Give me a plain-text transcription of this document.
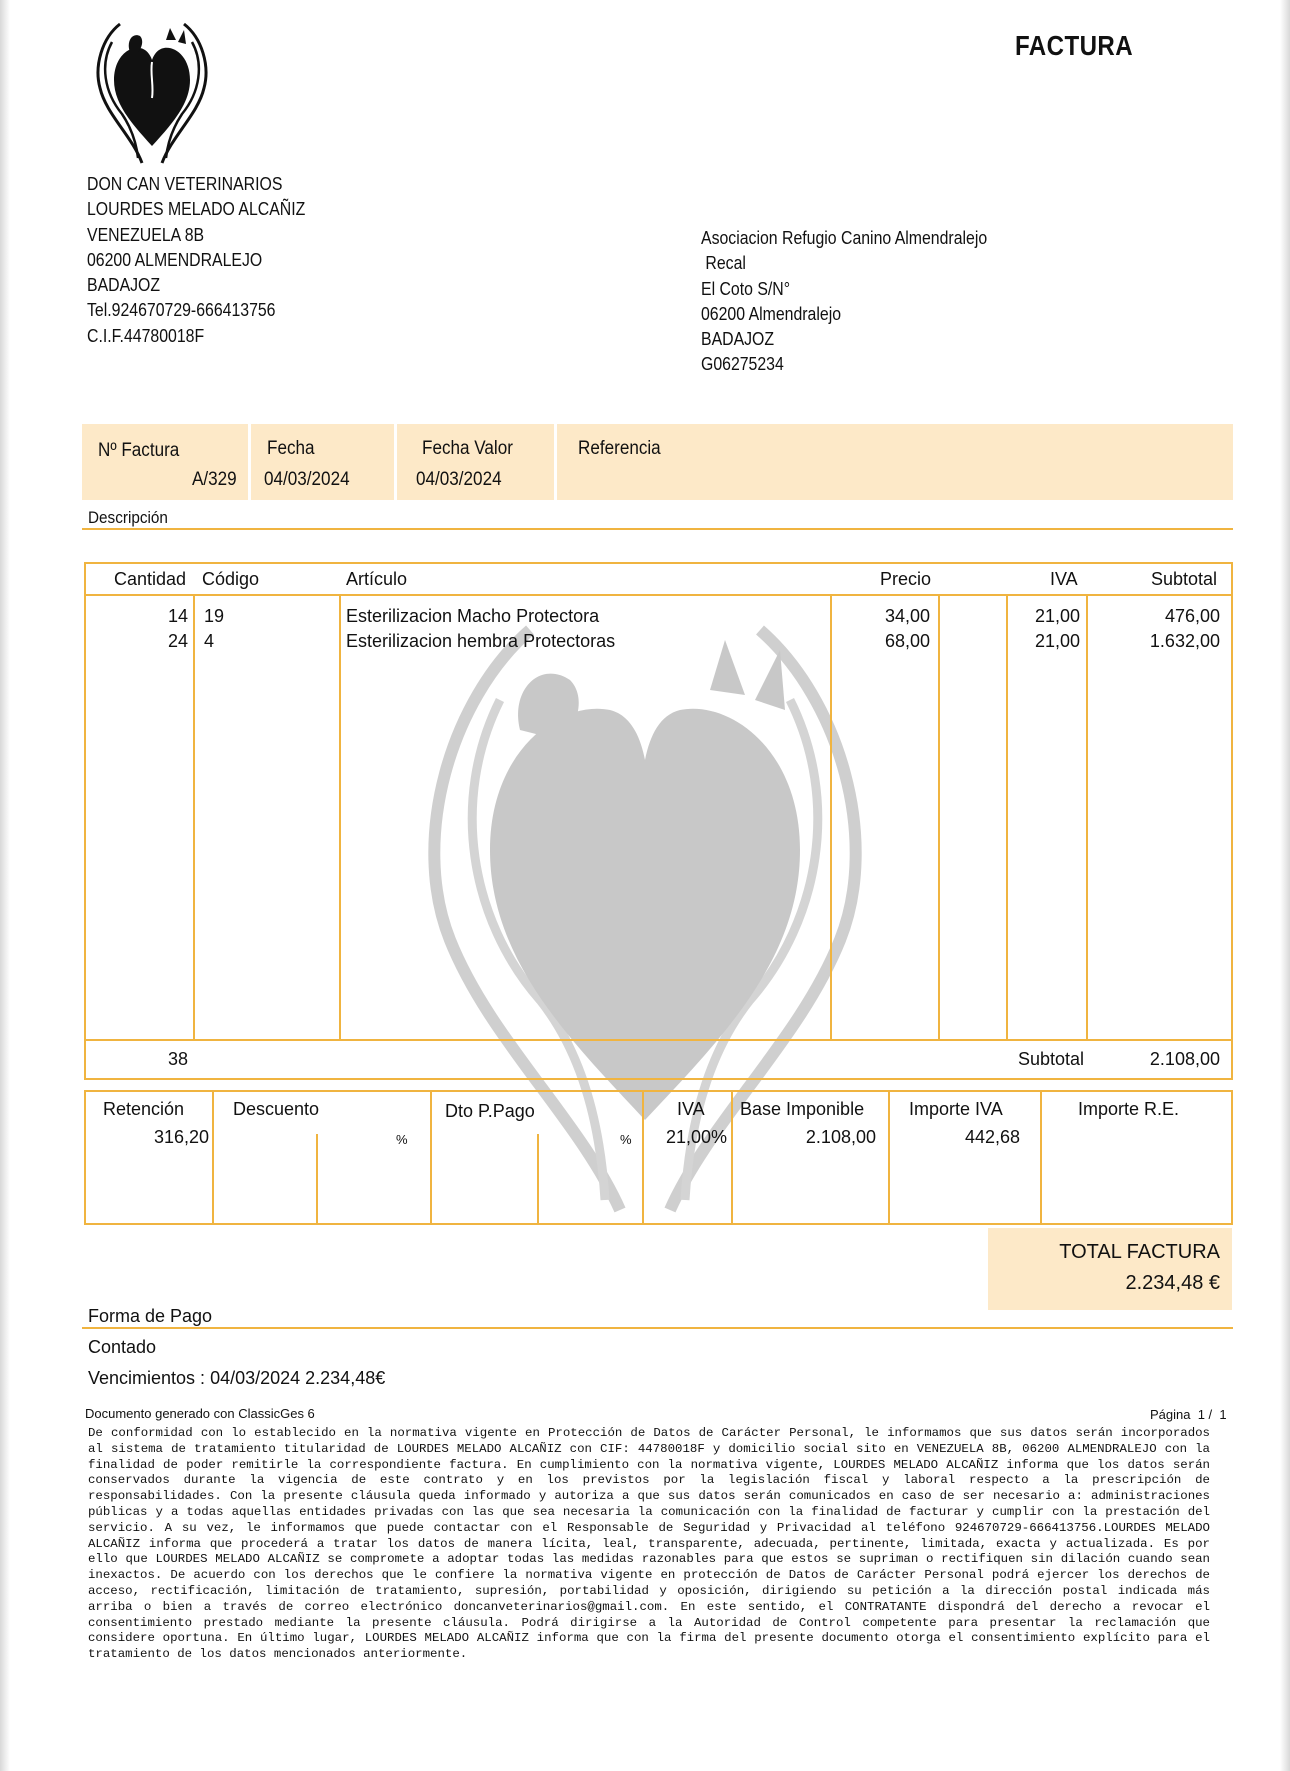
FACTURA
DON CAN VETERINARIOS
LOURDES MELADO ALCAÑIZ
VENEZUELA 8B
06200 ALMENDRALEJO
BADAJOZ
Tel.924670729-666413756
C.I.F.44780018F
Asociacion Refugio Canino Almendralejo
Recal
El Coto S/N°
06200 Almendralejo
BADAJOZ
G06275234
Nº Factura
A/329
Fecha
04/03/2024
Fecha Valor
04/03/2024
Referencia
Descripción
Cantidad Código	Artículo	Precio	IVA	Subtotal
14 19	Esterilizacion Macho Protectora	34,00	21,00	476,00
24 4	Esterilizacion hembra Protectoras	68,00	21,00	1.632,00
38	Subtotal	2.108,00
Retención
316,20
Descuento
%
Dto P.Pago
%
IVA
21,00%
Base Imponible
2.108,00
Importe IVA
442,68
Importe R.E.
TOTAL FACTURA
2.234,48 €
Forma de Pago
Contado
Vencimientos : 04/03/2024 2.234,48€
Documento generado con ClassicGes 6	Página  1 /  1
De conformidad con lo establecido en la normativa vigente en Protección de Datos de Carácter Personal, le informamos que sus datos serán incorporados al sistema de tratamiento titularidad de LOURDES MELADO ALCAÑIZ con CIF: 44780018F y domicilio social sito en VENEZUELA 8B, 06200 ALMENDRALEJO con la finalidad de poder remitirle la correspondiente factura. En cumplimiento con la normativa vigente, LOURDES MELADO ALCAÑIZ informa que los datos serán conservados durante la vigencia de este contrato y en los previstos por la legislación fiscal y laboral respecto a la prescripción de responsabilidades. Con la presente cláusula queda informado y autoriza a que sus datos serán comunicados en caso de ser necesario a: administraciones públicas y a todas aquellas entidades privadas con las que sea necesaria la comunicación con la finalidad de facturar y cumplir con la prestación del servicio. A su vez, le informamos que puede contactar con el Responsable de Seguridad y Privacidad al teléfono 924670729-666413756.LOURDES MELADO ALCAÑIZ informa que procederá a tratar los datos de manera lícita, leal, transparente, adecuada, pertinente, limitada, exacta y actualizada. Es por ello que LOURDES MELADO ALCAÑIZ se compromete a adoptar todas las medidas razonables para que estos se supriman o rectifiquen sin dilación cuando sean inexactos. De acuerdo con los derechos que le confiere la normativa vigente en protección de Datos de Carácter Personal podrá ejercer los derechos de acceso, rectificación, limitación de tratamiento, supresión, portabilidad y oposición, dirigiendo su petición a la dirección postal indicada más arriba o bien a través de correo electrónico doncanveterinarios@gmail.com. En este sentido, el CONTRATANTE dispondrá del derecho a revocar el consentimiento prestado mediante la presente cláusula. Podrá dirigirse a la Autoridad de Control competente para presentar la reclamación que considere oportuna. En último lugar, LOURDES MELADO ALCAÑIZ informa que con la firma del presente documento otorga el consentimiento explícito para el tratamiento de los datos mencionados anteriormente.
